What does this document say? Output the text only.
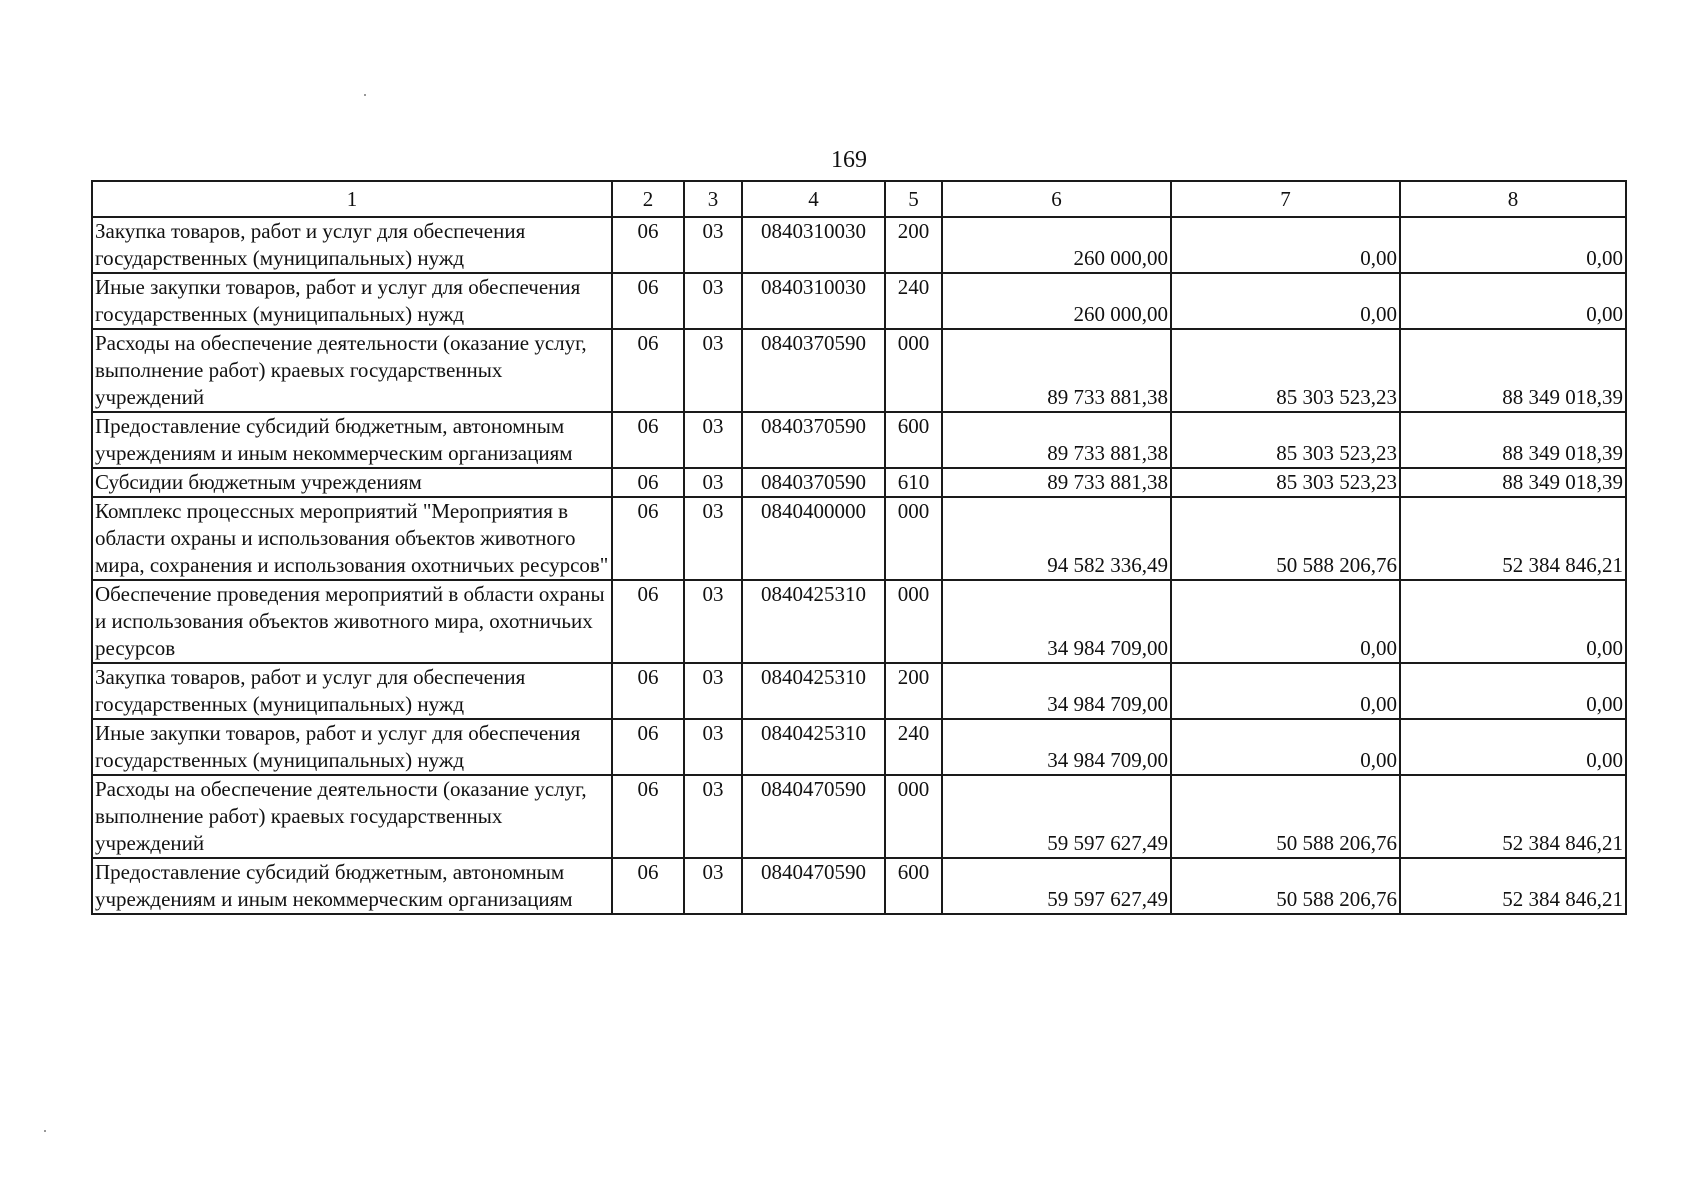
169
1	2	3	4	5	6	7	8
Закупка товаров, работ и услуг для обеспечения государственных (муниципальных) нужд	06	03	0840310030	200	260 000,00	0,00	0,00
Иные закупки товаров, работ и услуг для обеспечения государственных (муниципальных) нужд	06	03	0840310030	240	260 000,00	0,00	0,00
Расходы на обеспечение деятельности (оказание услуг, выполнение работ) краевых государственных учреждений	06	03	0840370590	000	89 733 881,38	85 303 523,23	88 349 018,39
Предоставление субсидий бюджетным, автономным учреждениям и иным некоммерческим организациям	06	03	0840370590	600	89 733 881,38	85 303 523,23	88 349 018,39
Субсидии бюджетным учреждениям	06	03	0840370590	610	89 733 881,38	85 303 523,23	88 349 018,39
Комплекс процессных мероприятий "Мероприятия в области охраны и использования объектов животного мира, сохранения и использования охотничьих ресурсов"	06	03	0840400000	000	94 582 336,49	50 588 206,76	52 384 846,21
Обеспечение проведения мероприятий в области охраны и использования объектов животного мира, охотничьих ресурсов	06	03	0840425310	000	34 984 709,00	0,00	0,00
Закупка товаров, работ и услуг для обеспечения государственных (муниципальных) нужд	06	03	0840425310	200	34 984 709,00	0,00	0,00
Иные закупки товаров, работ и услуг для обеспечения государственных (муниципальных) нужд	06	03	0840425310	240	34 984 709,00	0,00	0,00
Расходы на обеспечение деятельности (оказание услуг, выполнение работ) краевых государственных учреждений	06	03	0840470590	000	59 597 627,49	50 588 206,76	52 384 846,21
Предоставление субсидий бюджетным, автономным учреждениям и иным некоммерческим организациям	06	03	0840470590	600	59 597 627,49	50 588 206,76	52 384 846,21
